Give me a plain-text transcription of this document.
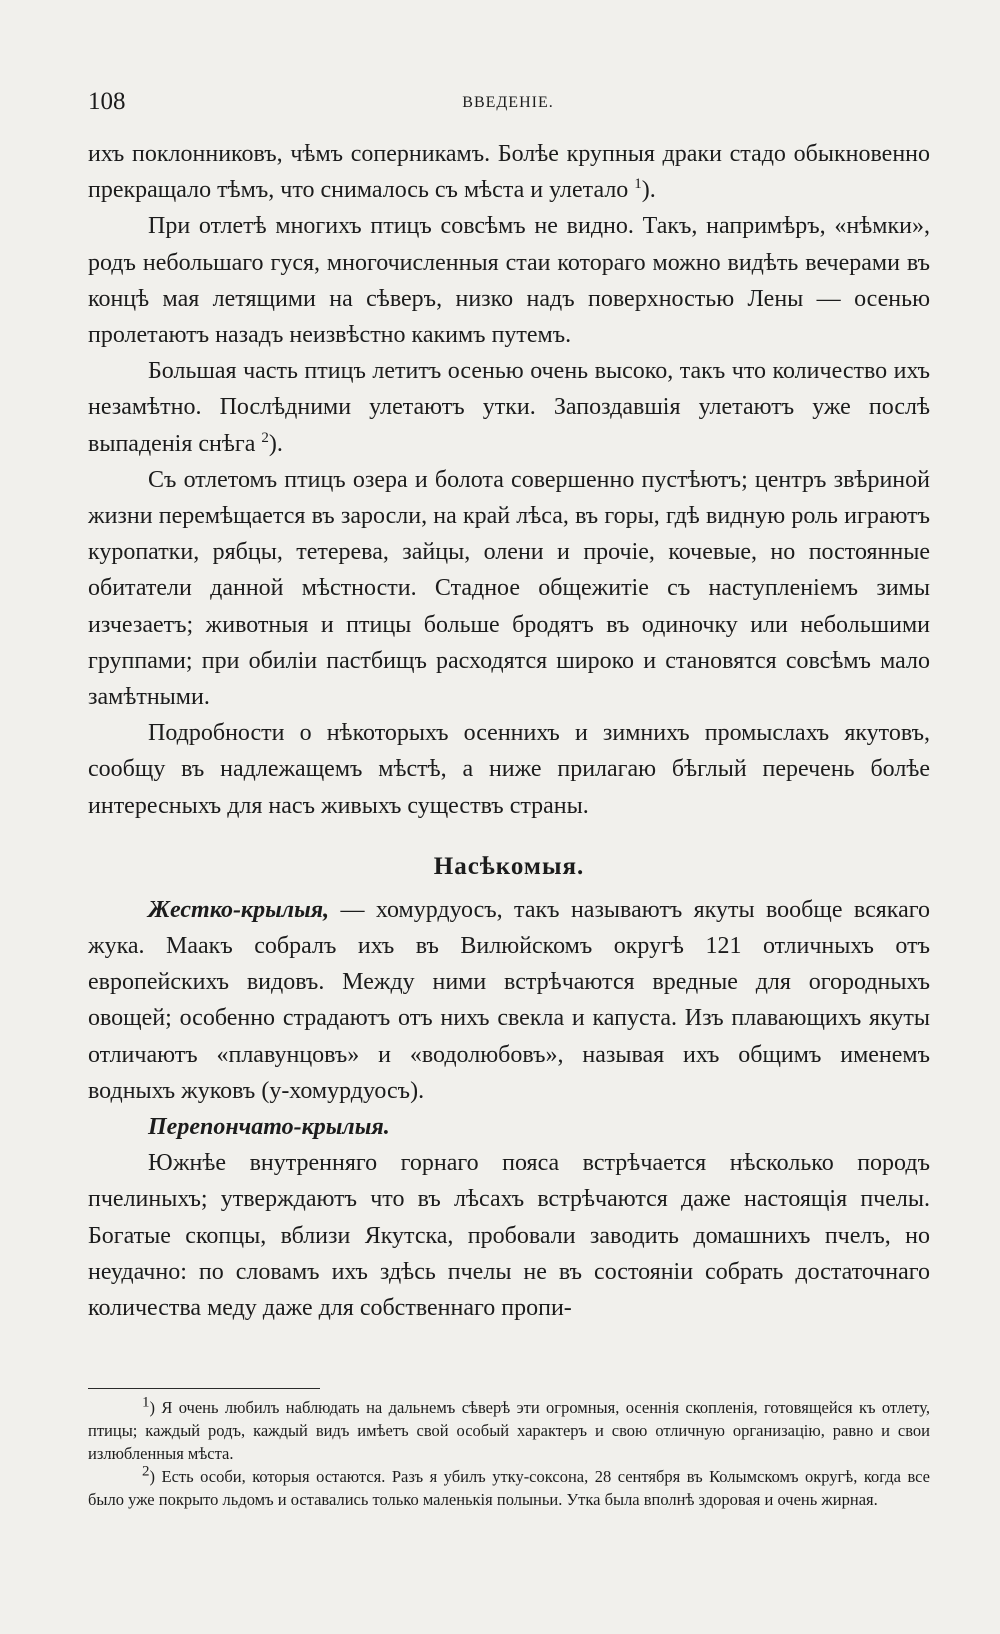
108	ВВЕДЕНІЕ.

ихъ поклонниковъ, чѣмъ соперникамъ. Болѣе крупныя драки стадо обыкновенно прекращало тѣмъ, что снималось съ мѣста и улетало $^1$).

При отлетѣ многихъ птицъ совсѣмъ не видно. Такъ, напримѣръ, «нѣмки», родъ небольшаго гуся, многочисленныя стаи котораго можно видѣть вечерами въ концѣ мая летящими на сѣверъ, низко надъ поверхностью Лены — осенью пролетаютъ назадъ неизвѣстно какимъ путемъ.

Большая часть птицъ летитъ осенью очень высоко, такъ что количество ихъ незамѣтно. Послѣдними улетаютъ утки. Запоздавшія улетаютъ уже послѣ выпаденія снѣга $^2$).

Съ отлетомъ птицъ озера и болота совершенно пустѣютъ; центръ звѣриной жизни перемѣщается въ заросли, на край лѣса, въ горы, гдѣ видную роль играютъ куропатки, рябцы, тетерева, зайцы, олени и прочіе, кочевые, но постоянные обитатели данной мѣстности. Стадное общежитіе съ наступленіемъ зимы изчезаетъ; животныя и птицы больше бродятъ въ одиночку или небольшими группами; при обиліи пастбищъ расходятся широко и становятся совсѣмъ мало замѣтными.

Подробности о нѣкоторыхъ осеннихъ и зимнихъ промыслахъ якутовъ, сообщу въ надлежащемъ мѣстѣ, а ниже прилагаю бѣглый перечень болѣе интересныхъ для насъ живыхъ существъ страны.

Насѣкомыя.

Жестко-крылыя, — хомурдуосъ, такъ называютъ якуты вообще всякаго жука. Маакъ собралъ ихъ въ Вилюйскомъ округѣ 121 отличныхъ отъ европейскихъ видовъ. Между ними встрѣчаются вредные для огородныхъ овощей; особенно страдаютъ отъ нихъ свекла и капуста. Изъ плавающихъ якуты отличаютъ «плавунцовъ» и «водолюбовъ», называя ихъ общимъ именемъ водныхъ жуковъ (у-хомурдуосъ).

Перепончато-крылыя.

Южнѣе внутренняго горнаго пояса встрѣчается нѣсколько породъ пчелиныхъ; утверждаютъ что въ лѣсахъ встрѣчаются даже настоящія пчелы. Богатые скопцы, вблизи Якутска, пробовали заводить домашнихъ пчелъ, но неудачно: по словамъ ихъ здѣсь пчелы не въ состояніи собрать достаточнаго количества меду даже для собственнаго пропи-

1) Я очень любилъ наблюдать на дальнемъ сѣверѣ эти огромныя, осеннія скопленія, готовящейся къ отлету, птицы; каждый родъ, каждый видъ имѣетъ свой особый характеръ и свою отличную организацію, равно и свои излюбленныя мѣста.

2) Есть особи, которыя остаются. Разъ я убилъ утку-соксона, 28 сентября въ Колымскомъ округѣ, когда все было уже покрыто льдомъ и оставались только маленькія полыньи. Утка была вполнѣ здоровая и очень жирная.
